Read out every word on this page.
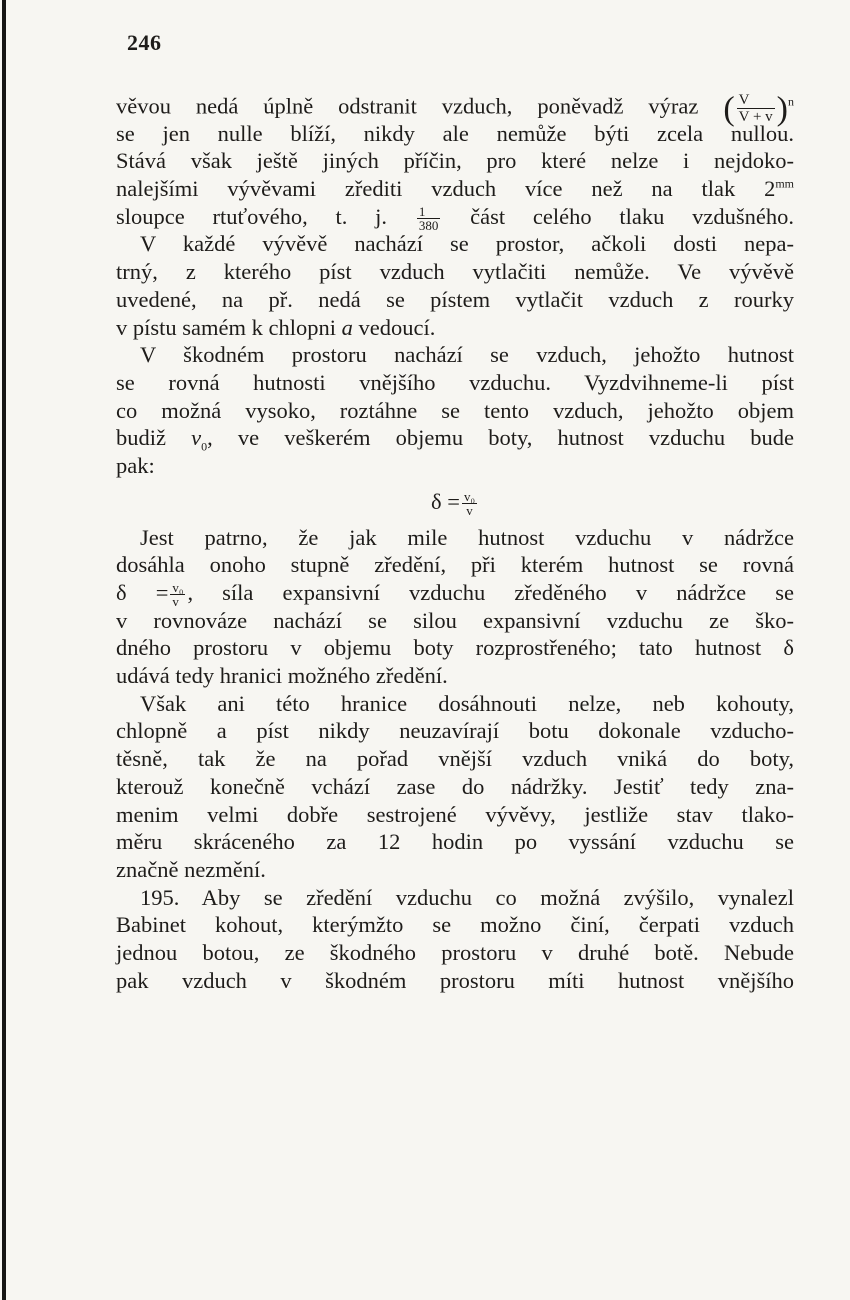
246
věvou nedá úplně odstranit vzduch, poněvadž výraz ( $\frac{V}{V + v} )^n$
se jen nulle blíží, nikdy ale nemůže býti zcela nullou.
Stává však ještě jiných příčin, pro které nelze i nejdoko-
nalejšími vývěvami zřediti vzduch více než na tlak $2^{mm}$
sloupce rtuťového, t. j. $\frac{1}{380}$ část celého tlaku vzdušného.
V každé vývěvě nachází se prostor, ačkoli dosti nepa-
trný, z kterého píst vzduch vytlačiti nemůže. Ve vývěvě
uvedené, na př. nedá se pístem vytlačit vzduch z rourky
v pístu samém k chlopni a vedoucí.
V škodném prostoru nachází se vzduch, jehožto hutnost
se rovná hutnosti vnějšího vzduchu. Vyzdvihneme-li píst
co možná vysoko, roztáhne se tento vzduch, jehožto objem
budiž $v_0$, ve veškerém objemu boty, hutnost vzduchu bude
pak:
$\delta = \frac{\text{v₀}}{v}$
Jest patrno, že jak mile hutnost vzduchu v nádržce
dosáhla onoho stupně zředění, při kterém hutnost se rovná
$\delta = \frac{\text{v₀}}{v}$ , síla expansivní vzduchu zředěného v nádržce se
v rovnováze nachází se silou expansivní vzduchu ze ško-
dného prostoru v objemu boty rozprostřeného; tato hutnost δ
udává tedy hranici možného zředění.
Však ani této hranice dosáhnouti nelze, neb kohouty,
chlopně a píst nikdy neuzavírají botu dokonale vzducho-
těsně, tak že na pořad vnější vzduch vniká do boty,
kterouž konečně vchází zase do nádržky. Jestiť tedy zna-
menim velmi dobře sestrojené vývěvy, jestliže stav tlako-
měru skráceného za 12 hodin po vyssání vzduchu se
značně nezmění.
195. Aby se zředění vzduchu co možná zvýšilo, vynalezl
Babinet kohout, kterýmžto se možno činí, čerpati vzduch
jednou botou, ze škodného prostoru v druhé botě. Nebude
pak vzduch v škodném prostoru míti hutnost vnějšího
